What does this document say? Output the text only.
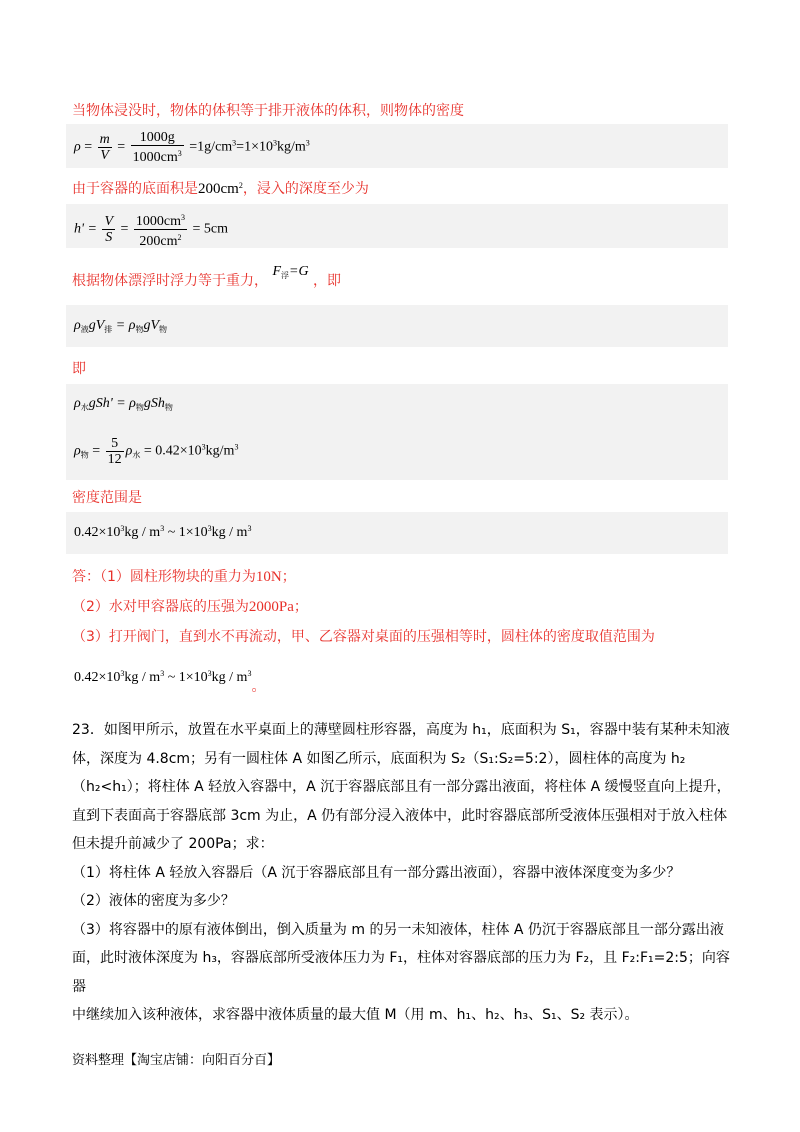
当物体浸没时，物体的体积等于排开液体的体积，则物体的密度
$\rho = \frac{m}{V} = \frac{1000g}{1000cm^3} =1g/cm^3=1\times 10^3kg/m^3$
由于容器的底面积是$200cm^2$，浸入的深度至少为
$h' = \frac{V}{S} = \frac{1000cm^3}{200cm^2} = 5cm$
根据物体漂浮时浮力等于重力， $F_浮=G$ ，即
$\rho_液gV_排 = \rho_物gV_物$
即
$\rho_水gSh' = \rho_物gSh_物$
$\rho_物 = \frac{5}{12} \rho_水 = 0.42\times 10^3kg/m^3$
密度范围是
$0.42\times 10^3kg / m^3$ ~ $1\times 10^3kg / m^3$
答：（1）圆柱形物块的重力为10N；
（2）水对甲容器底的压强为2000Pa；
（3）打开阀门，直到水不再流动，甲、乙容器对桌面的压强相等时，圆柱体的密度取值范围为
$0.42\times 10^3kg / m^3$ ~ $1\times 10^3kg / m^3$。
23．如图甲所示，放置在水平桌面上的薄壁圆柱形容器，高度为 h₁，底面积为 S₁，容器中装有某种未知液
体，深度为 4.8cm；另有一圆柱体 A 如图乙所示，底面积为 S₂（S₁:S₂=5:2），圆柱体的高度为 h₂
（h₂<h₁）；将柱体 A 轻放入容器中，A 沉于容器底部且有一部分露出液面，将柱体 A 缓慢竖直向上提升，
直到下表面高于容器底部 3cm 为止，A 仍有部分浸入液体中，此时容器底部所受液体压强相对于放入柱体
但未提升前减少了 200Pa；求：
（1）将柱体 A 轻放入容器后（A 沉于容器底部且有一部分露出液面），容器中液体深度变为多少？
（2）液体的密度为多少？
（3）将容器中的原有液体倒出，倒入质量为 m 的另一未知液体，柱体 A 仍沉于容器底部且一部分露出液
面，此时液体深度为 h₃，容器底部所受液体压力为 F₁，柱体对容器底部的压力为 F₂，且 F₂:F₁=2:5；向容器
中继续加入该种液体，求容器中液体质量的最大值 M（用 m、h₁、h₂、h₃、S₁、S₂ 表示）。
资料整理【淘宝店铺：向阳百分百】
